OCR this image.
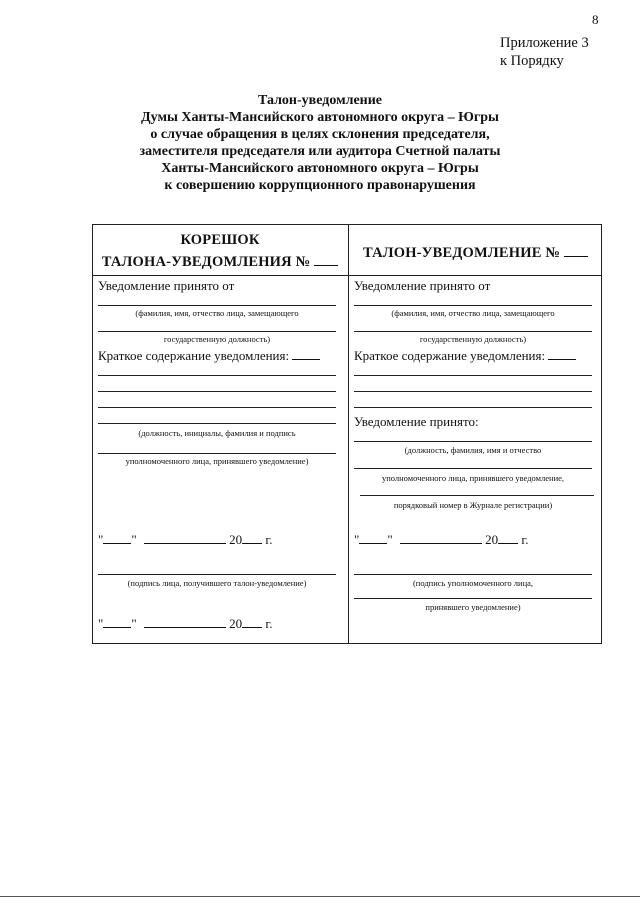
8
Приложение 3
к Порядку
Талон-уведомление
Думы Ханты-Мансийского автономного округа – Югры
о случае обращения в целях склонения председателя,
заместителя председателя или аудитора Счетной палаты
Ханты-Мансийского автономного округа – Югры
к совершению коррупционного правонарушения
КОРЕШОК
ТАЛОНА-УВЕДОМЛЕНИЯ №
Уведомление принято от
(фамилия, имя, отчество лица, замещающего
государственную должность)
Краткое содержание уведомления:
(должность, инициалы, фамилия и подпись
уполномоченного лица, принявшего уведомление)
" "	20 г.
(подпись лица, получившего талон-уведомление)
" "	20 г.
ТАЛОН-УВЕДОМЛЕНИЕ №
Уведомление принято от
(фамилия, имя, отчество лица, замещающего
государственную должность)
Краткое содержание уведомления:
Уведомление принято:
(должность, фамилия, имя и отчество
уполномоченного лица, принявшего уведомление,
порядковый номер в Журнале регистрации)
" "	20 г.
(подпись уполномоченного лица,
принявшего уведомление)
